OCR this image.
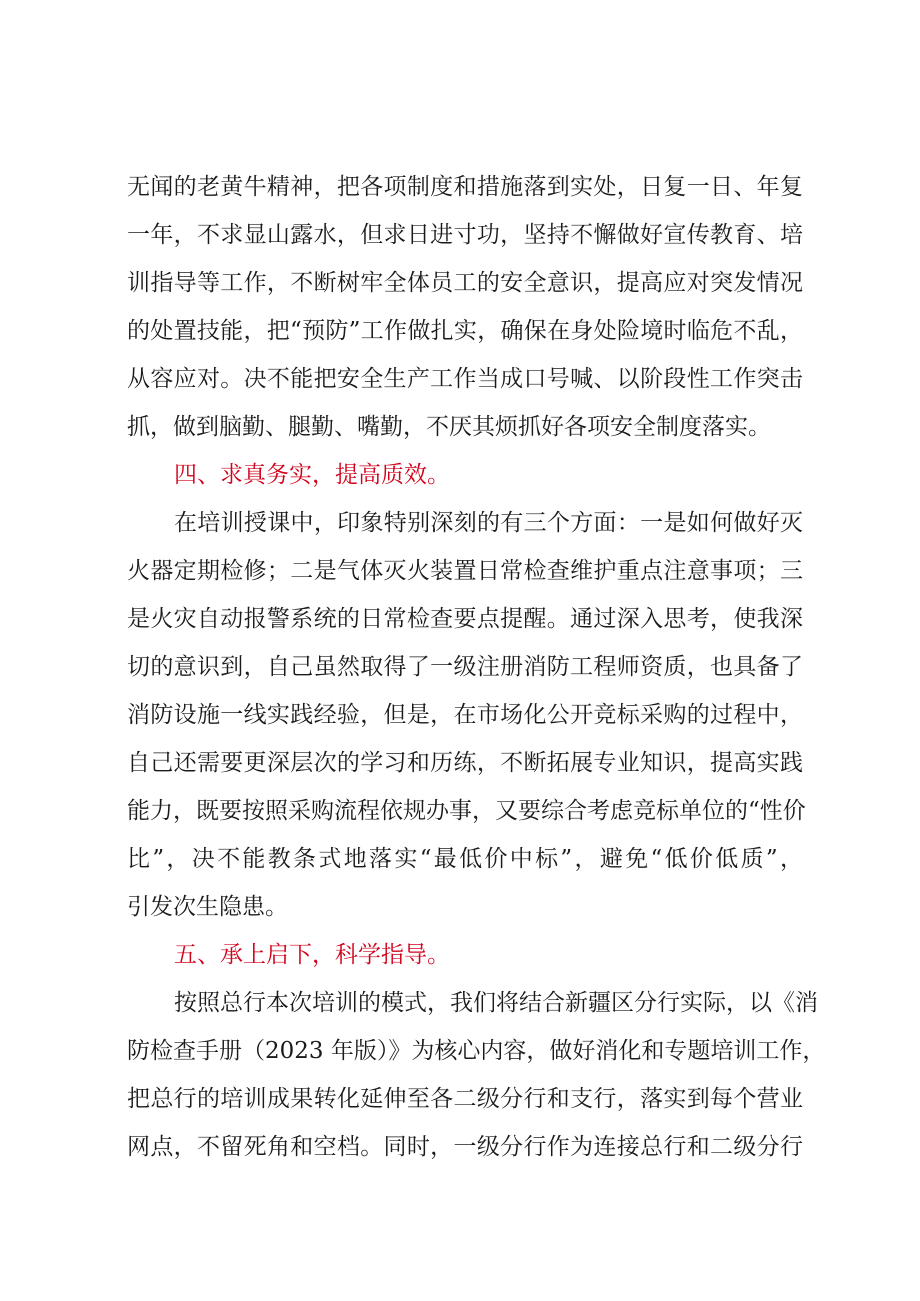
无闻的老黄牛精神，把各项制度和措施落到实处，日复一日、年复
一年，不求显山露水，但求日进寸功，坚持不懈做好宣传教育、培
训指导等工作，不断树牢全体员工的安全意识，提高应对突发情况
的处置技能，把“预防”工作做扎实，确保在身处险境时临危不乱，
从容应对。决不能把安全生产工作当成口号喊、以阶段性工作突击
抓，做到脑勤、腿勤、嘴勤，不厌其烦抓好各项安全制度落实。
四、求真务实，提高质效。
在培训授课中，印象特别深刻的有三个方面：一是如何做好灭
火器定期检修；二是气体灭火装置日常检查维护重点注意事项；三
是火灾自动报警系统的日常检查要点提醒。通过深入思考，使我深
切的意识到，自己虽然取得了一级注册消防工程师资质，也具备了
消防设施一线实践经验，但是，在市场化公开竞标采购的过程中，
自己还需要更深层次的学习和历练，不断拓展专业知识，提高实践
能力，既要按照采购流程依规办事，又要综合考虑竞标单位的“性价
比”，决不能教条式地落实“最低价中标”，避免“低价低质”，
引发次生隐患。
五、承上启下，科学指导。
按照总行本次培训的模式，我们将结合新疆区分行实际，以《消
防检查手册（2023 年版）》为核心内容，做好消化和专题培训工作，
把总行的培训成果转化延伸至各二级分行和支行，落实到每个营业
网点，不留死角和空档。同时，一级分行作为连接总行和二级分行
